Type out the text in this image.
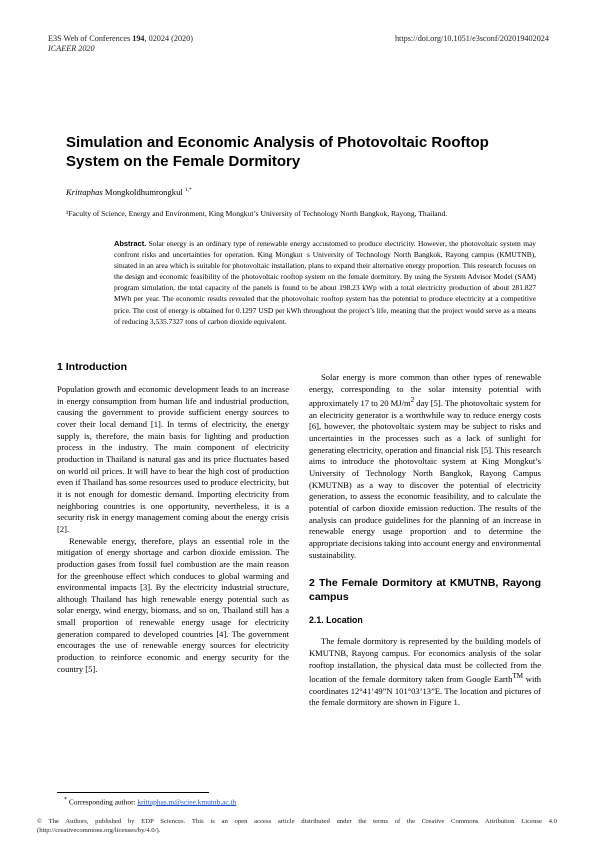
E3S Web of Conferences 194, 02024 (2020)
ICAEER 2020
https://doi.org/10.1051/e3sconf/202019402024
Simulation and Economic Analysis of Photovoltaic Rooftop System on the Female Dormitory
Krittaphas Mongkoldhumrongkul $^{1,*}$
¹Faculty of Science, Energy and Environment, King Mongkut’s University of Technology North Bangkok, Rayong, Thailand.

Abstract. Solar energy is an ordinary type of renewable energy accustomed to produce electricity. However, the photovoltaic system may confront risks and uncertainties for operation. King Mongkuts University of Technology North Bangkok, Rayong campus (KMUTNB), situated in an area which is suitable for photovoltaic installation, plans to expand their alternative energy proportion. This research focuses on the design and economic feasibility of the photovoltaic rooftop system on the female dormitory. By using the System Advisor Model (SAM) program simulation, the total capacity of the panels is found to be about 198.23 kWp with a total electricity production of about 281.827 MWh per year. The economic results revealed that the photovoltaic rooftop system has the potential to produce electricity at a competitive price. The cost of energy is obtained for 0.1297 USD per kWh throughout the project’s life, meaning that the project would serve as a means of reducing 3,535.7327 tons of carbon dioxide equivalent.

1 Introduction

Population growth and economic development leads to an increase in energy consumption from human life and industrial production, causing the government to provide sufficient energy sources to cover their local demand [1]. In terms of electricity, the energy supply is, therefore, the main basis for lighting and production process in the industry. The main component of electricity production in Thailand is natural gas and its price fluctuates based on world oil prices. It will have to bear the high cost of production even if Thailand has some resources used to produce electricity, but it is not enough for domestic demand. Importing electricity from neighboring countries is one opportunity, nevertheless, it is a security risk in energy management coming about the energy crisis [2].

Renewable energy, therefore, plays an essential role in the mitigation of energy shortage and carbon dioxide emission. The production gases from fossil fuel combustion are the main reason for the greenhouse effect which conduces to global warming and environmental impacts [3]. By the electricity industrial structure, although Thailand has high renewable energy potential such as solar energy, wind energy, biomass, and so on, Thailand still has a small proportion of renewable energy usage for electricity generation compared to developed countries [4]. The government encourages the use of renewable energy sources for electricity production to reinforce economic and energy security for the country [5].

Solar energy is more common than other types of renewable energy, corresponding to the solar intensity potential with approximately 17 to 20 $MJ/m^2$ day [5]. The photovoltaic system for an electricity generator is a worthwhile way to reduce energy costs [6], however, the photovoltaic system may be subject to risks and uncertainties in the processes such as a lack of sunlight for generating electricity, operation and financial risk [5]. This research aims to introduce the photovoltaic system at King Mongkut’s University of Technology North Bangkok, Rayong Campus (KMUTNB) as a way to discover the potential of electricity generation, to assess the economic feasibility, and to calculate the potential of carbon dioxide emission reduction. The results of the analysis can produce guidelines for the planning of an increase in renewable energy usage proportion and to determine the appropriate decisions taking into account energy and environmental sustainability.

2 The Female Dormitory at KMUTNB, Rayong campus
2.1. Location

The female dormitory is represented by the building models of KMUTNB, Rayong campus. For economics analysis of the solar rooftop installation, the physical data must be collected from the location of the female dormitory taken from Google Earth™ with coordinates 12°41’49”N 101°03’13”E. The location and pictures of the female dormitory are shown in Figure 1.

* Corresponding author: krittaphas.m@sciee.kmutnb.ac.th
© The Authors, published by EDP Sciences. This is an open access article distributed under the terms of the Creative Commons Attribution License 4.0 (http://creativecommons.org/licenses/by/4.0/).
